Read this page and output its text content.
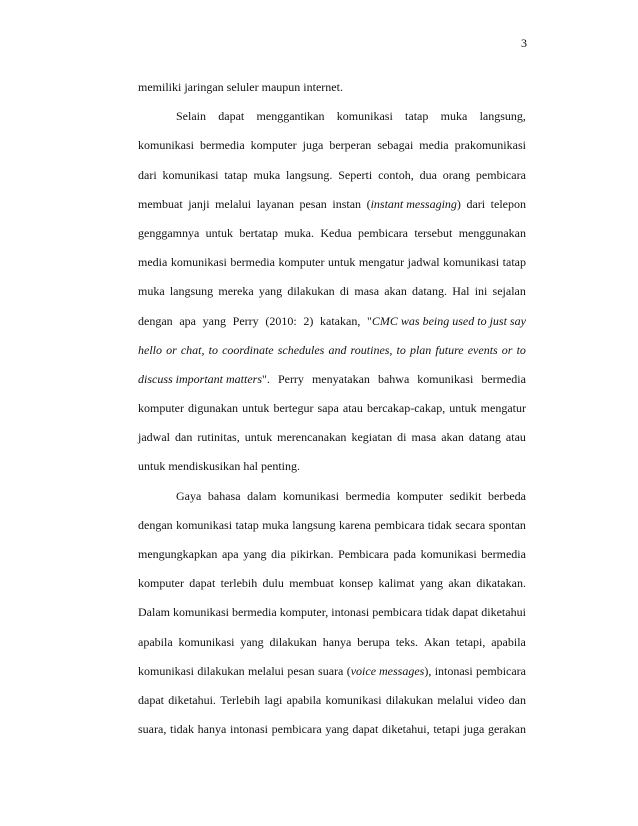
3
memiliki jaringan seluler maupun internet.
Selain dapat menggantikan komunikasi tatap muka langsung,
komunikasi bermedia komputer juga berperan sebagai media prakomunikasi
dari komunikasi tatap muka langsung. Seperti contoh, dua orang pembicara
membuat janji melalui layanan pesan instan (instant messaging) dari telepon
genggamnya untuk bertatap muka. Kedua pembicara tersebut menggunakan
media komunikasi bermedia komputer untuk mengatur jadwal komunikasi tatap
muka langsung mereka yang dilakukan di masa akan datang. Hal ini sejalan
dengan apa yang Perry (2010: 2) katakan, "CMC was being used to just say
hello or chat, to coordinate schedules and routines, to plan future events or to
discuss important matters". Perry menyatakan bahwa komunikasi bermedia
komputer digunakan untuk bertegur sapa atau bercakap-cakap, untuk mengatur
jadwal dan rutinitas, untuk merencanakan kegiatan di masa akan datang atau
untuk mendiskusikan hal penting.
Gaya bahasa dalam komunikasi bermedia komputer sedikit berbeda
dengan komunikasi tatap muka langsung karena pembicara tidak secara spontan
mengungkapkan apa yang dia pikirkan. Pembicara pada komunikasi bermedia
komputer dapat terlebih dulu membuat konsep kalimat yang akan dikatakan.
Dalam komunikasi bermedia komputer, intonasi pembicara tidak dapat diketahui
apabila komunikasi yang dilakukan hanya berupa teks. Akan tetapi, apabila
komunikasi dilakukan melalui pesan suara (voice messages), intonasi pembicara
dapat diketahui. Terlebih lagi apabila komunikasi dilakukan melalui video dan
suara, tidak hanya intonasi pembicara yang dapat diketahui, tetapi juga gerakan
